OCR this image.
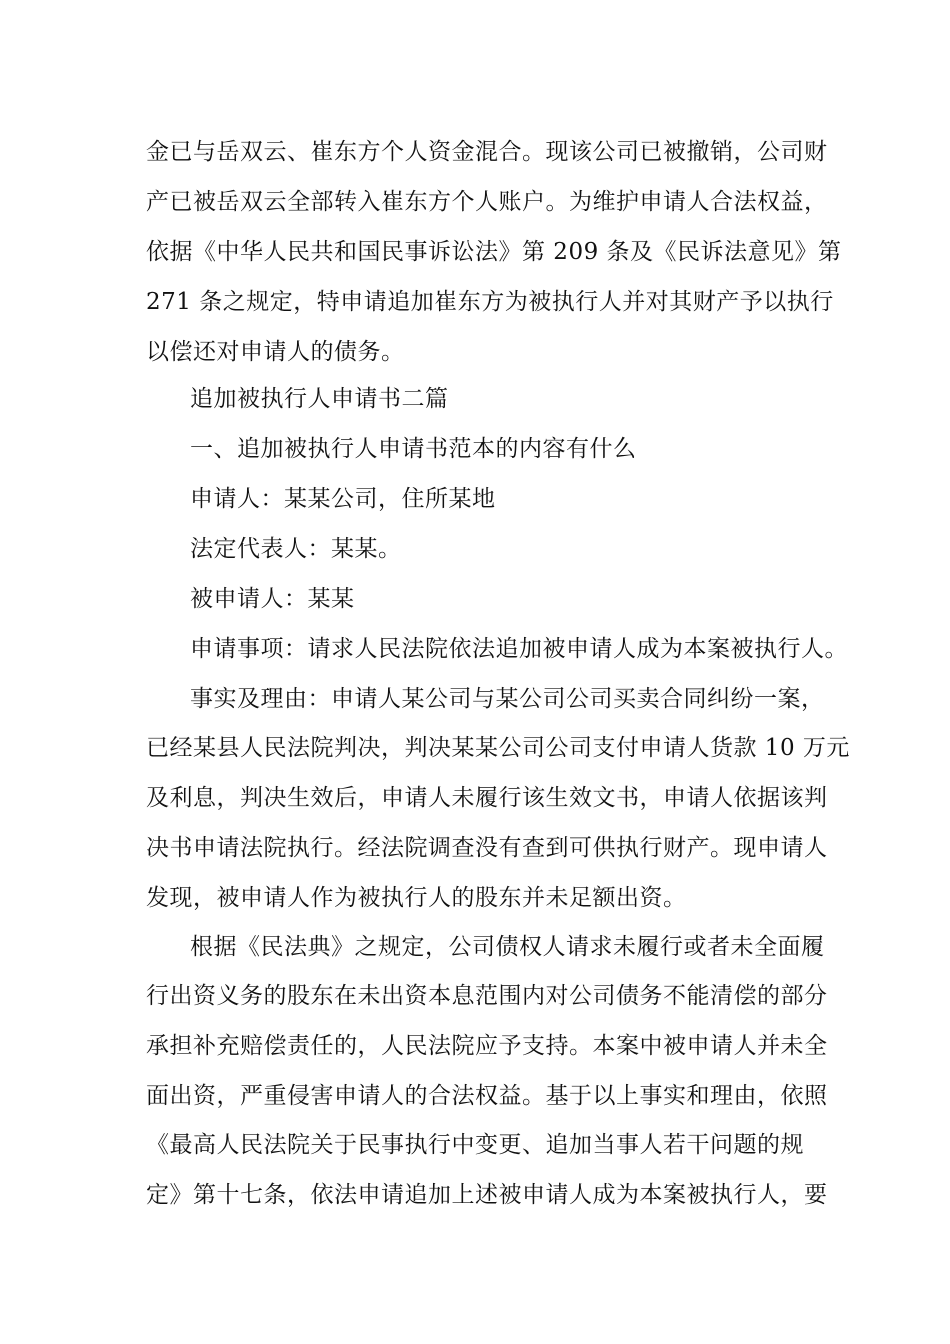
金已与岳双云、崔东方个人资金混合。现该公司已被撤销，公司财
产已被岳双云全部转入崔东方个人账户。为维护申请人合法权益，
依据《中华人民共和国民事诉讼法》第 209 条及《民诉法意见》第
271 条之规定，特申请追加崔东方为被执行人并对其财产予以执行
以偿还对申请人的债务。
追加被执行人申请书二篇
一、追加被执行人申请书范本的内容有什么
申请人：某某公司，住所某地
法定代表人：某某。
被申请人：某某
申请事项：请求人民法院依法追加被申请人成为本案被执行人。
事实及理由：申请人某公司与某公司公司买卖合同纠纷一案，
已经某县人民法院判决，判决某某公司公司支付申请人货款 10 万元
及利息，判决生效后，申请人未履行该生效文书，申请人依据该判
决书申请法院执行。经法院调查没有查到可供执行财产。现申请人
发现，被申请人作为被执行人的股东并未足额出资。
根据《民法典》之规定，公司债权人请求未履行或者未全面履
行出资义务的股东在未出资本息范围内对公司债务不能清偿的部分
承担补充赔偿责任的，人民法院应予支持。本案中被申请人并未全
面出资，严重侵害申请人的合法权益。基于以上事实和理由，依照
《最高人民法院关于民事执行中变更、追加当事人若干问题的规
定》第十七条，依法申请追加上述被申请人成为本案被执行人，要
